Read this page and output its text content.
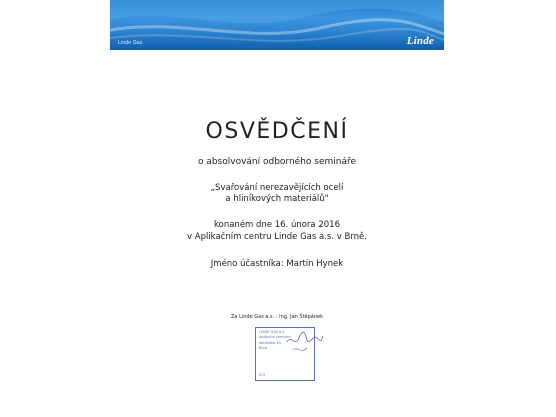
Linde Gas	Linde
OSVĚDČENÍ
o absolvování odborného semináře
„Svařování nerezavějících ocelí
a hliníkových materiálů"
konaném dne 16. února 2016
v Aplikačním centru Linde Gas a.s. v Brně.
Jméno účastníka: Martin Hynek
Za Linde Gas a.s. : Ing. Jan Štěpánek
LINDE GAS a.s.
Aplikační centrum
Kotlářská 10
Brno
IČO
